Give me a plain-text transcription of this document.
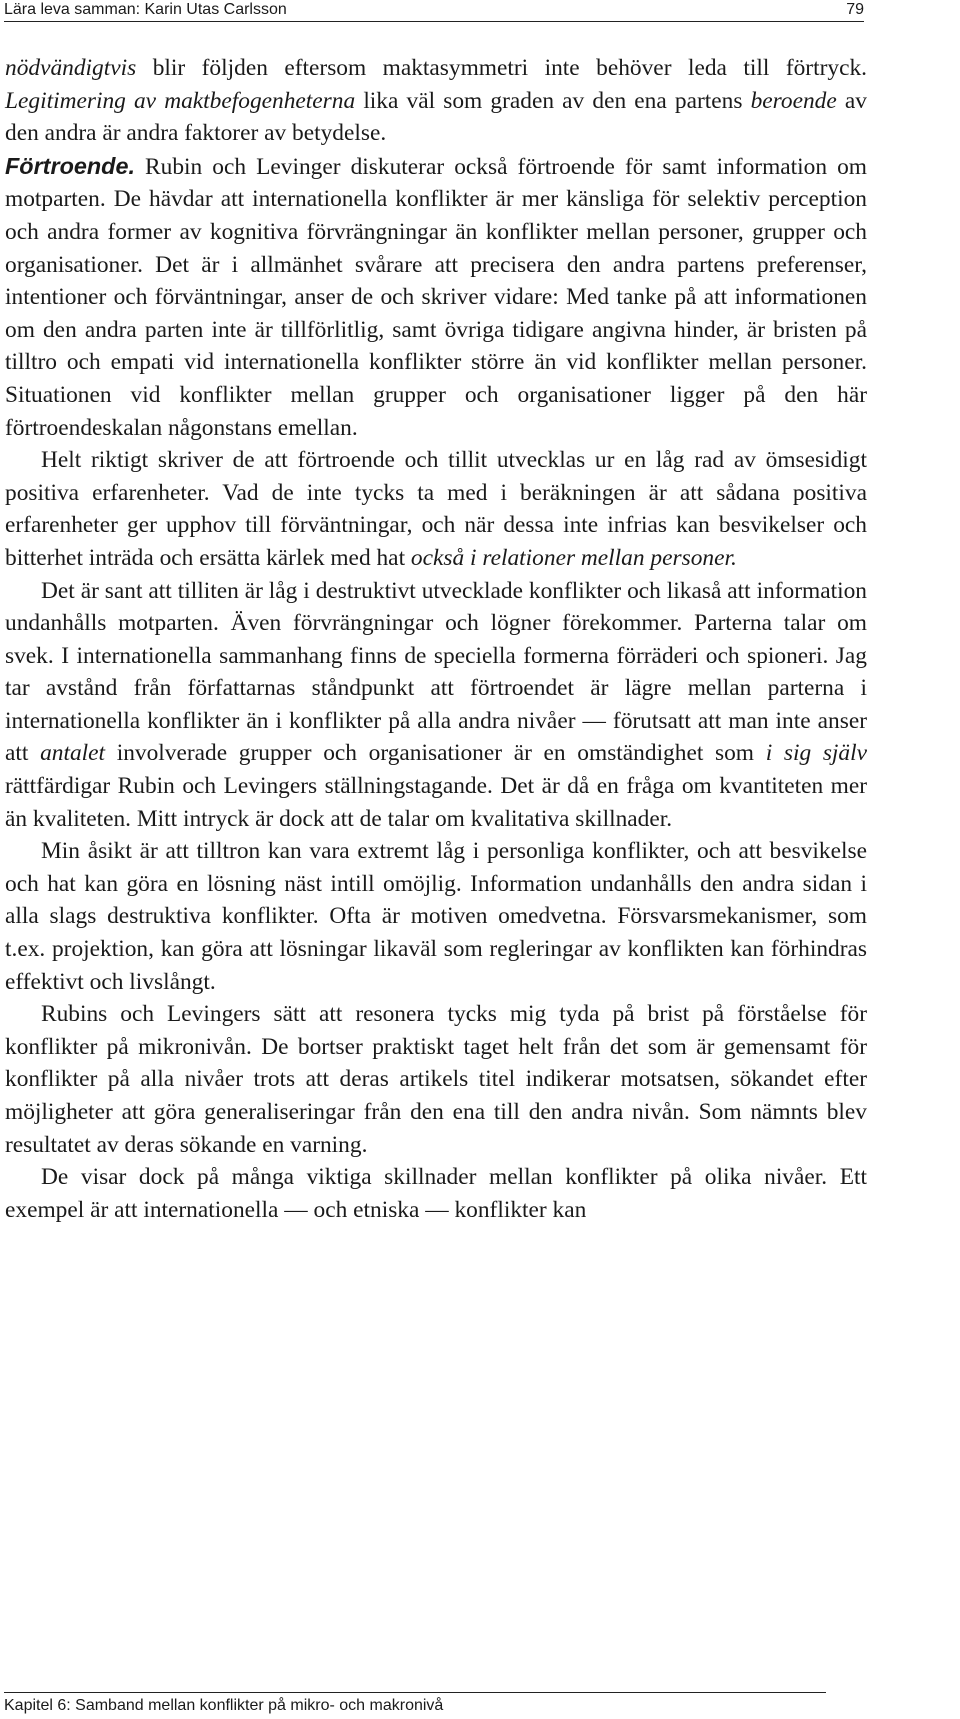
Lära leva samman: Karin Utas Carlsson	79

nödvändigtvis blir följden eftersom maktasymmetri inte behöver leda till förtryck. Legitimering av maktbefogenheterna lika väl som graden av den ena partens beroende av den andra är andra faktorer av betydelse.

Förtroende. Rubin och Levinger diskuterar också förtroende för samt information om motparten. De hävdar att internationella konflikter är mer känsliga för selektiv perception och andra former av kognitiva förvrängningar än konflikter mellan personer, grupper och organisationer. Det är i allmänhet svårare att precisera den andra partens preferenser, intentioner och förväntningar, anser de och skriver vidare: Med tanke på att informationen om den andra parten inte är tillförlitlig, samt övriga tidigare angivna hinder, är bristen på tilltro och empati vid internationella konflikter större än vid konflikter mellan personer. Situationen vid konflikter mellan grupper och organisationer ligger på den här förtroendeskalan någonstans emellan.

Helt riktigt skriver de att förtroende och tillit utvecklas ur en låg rad av ömsesidigt positiva erfarenheter. Vad de inte tycks ta med i beräkningen är att sådana positiva erfarenheter ger upphov till förväntningar, och när dessa inte infrias kan besvikelser och bitterhet inträda och ersätta kärlek med hat också i relationer mellan personer.

Det är sant att tilliten är låg i destruktivt utvecklade konflikter och likaså att information undanhålls motparten. Även förvrängningar och lögner förekommer. Parterna talar om svek. I internationella sammanhang finns de speciella formerna förräderi och spioneri. Jag tar avstånd från författarnas ståndpunkt att förtroendet är lägre mellan parterna i internationella konflikter än i konflikter på alla andra nivåer — förutsatt att man inte anser att antalet involverade grupper och organisationer är en omständighet som i sig själv rättfärdigar Rubin och Levingers ställningstagande. Det är då en fråga om kvantiteten mer än kvaliteten. Mitt intryck är dock att de talar om kvalitativa skillnader.

Min åsikt är att tilltron kan vara extremt låg i personliga konflikter, och att besvikelse och hat kan göra en lösning näst intill omöjlig. Information undanhålls den andra sidan i alla slags destruktiva konflikter. Ofta är motiven omedvetna. Försvarsmekanismer, som t.ex. projektion, kan göra att lösningar likaväl som regleringar av konflikten kan förhindras effektivt och livslångt.

Rubins och Levingers sätt att resonera tycks mig tyda på brist på förståelse för konflikter på mikronivån. De bortser praktiskt taget helt från det som är gemensamt för konflikter på alla nivåer trots att deras artikels titel indikerar motsatsen, sökandet efter möjligheter att göra generaliseringar från den ena till den andra nivån. Som nämnts blev resultatet av deras sökande en varning.

De visar dock på många viktiga skillnader mellan konflikter på olika nivåer. Ett exempel är att internationella — och etniska — konflikter kan

Kapitel 6: Samband mellan konflikter på mikro- och makronivå
